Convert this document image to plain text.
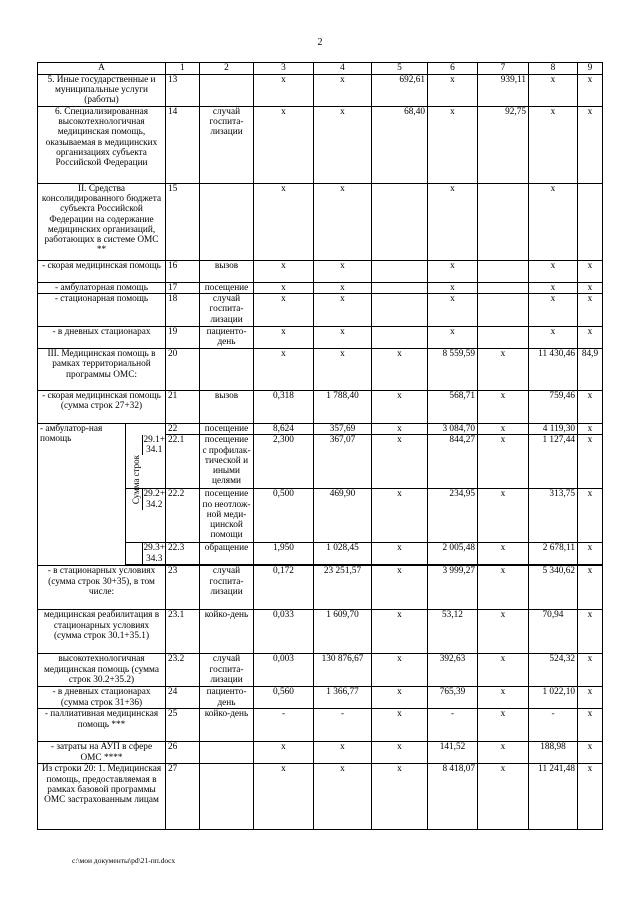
2
А		1	2	3	4	5	6	7	8	9
5. Иные государственные и муниципальные услуги (работы)		13		х	х	692,61	х	939,11	х	х
6. Специализированная высокотехнологичная медицинская помощь, оказываемая в медицинских организациях субъекта Российской Федерации		14	случай госпита-лизации	х	х	68,40	х	92,75	х	х
II. Средства консолидированного бюджета субъекта Российской Федерации на содержание медицинских организаций, работающих в системе ОМС **		15		х	х		х		х	
- скорая медицинская помощь		16	вызов	х	х		х		х	х
- амбулаторная помощь		17	посещение	х	х		х		х	х
- стационарная помощь		18	случай госпита-лизации	х	х		х		х	х
- в дневных стационарах		19	пациенто-день	х	х		х		х	х
III. Медицинская помощь в рамках территориальной программы ОМС:		20		х	х	х	8 559,59	х	11 430,46	84,9
- скорая медицинская помощь (сумма строк 27+32)		21	вызов	0,318	1 788,40	х	568,71	х	759,46	х
- амбулатор-ная помощь		22	посещение	8,624	357,69	х	3 084,70	х	4 119,30	х

	29.1+ 34.1	22.1	посещение с профилак-тической и иными целями	2,300	367,07	х	844,27	х	1 127,44	х

	Сумма строк 29.2+ 34.2	22.2	посещение по неотлож-ной меди-цинской помощи	0,500	469,90	х	234,95	х	313,75	х

	29.3+ 34.3	22.3	обращение	1,950	1 028,45	х	2 005,48	х	2 678,11	х

- в стационарных условиях (сумма строк 30+35), в том числе:		23	случай госпита-лизации	0,172	23 251,57	х	3 999,27	х	5 340,62	х
медицинская реабилитация в стационарных условиях (сумма строк 30.1+35.1)		23.1	койко-день	0,033	1 609,70	х	53,12	х	70,94	х
высокотехнологичная медицинская помощь (сумма строк 30.2+35.2)		23.2	случай госпита-лизации	0,003	130 876,67	х	392,63	х	524,32	х
- в дневных стационарах (сумма строк 31+36)		24	пациенто-день	0,560	1 366,77	х	765,39	х	1 022,10	х
- паллиативная медицинская помощь ***		25	койко-день	-	-	х	-	х	-	х
- затраты на АУП в сфере ОМС ****		26		х	х	х	141,52	х	188,98	х
Из строки 20: 1. Медицинская помощь, предоставляемая в рамках базовой программы ОМС застрахованным лицам		27		х	х	х	8 418,07	х	11 241,48	х
c:\мои документы\pd\21-пп.docx
